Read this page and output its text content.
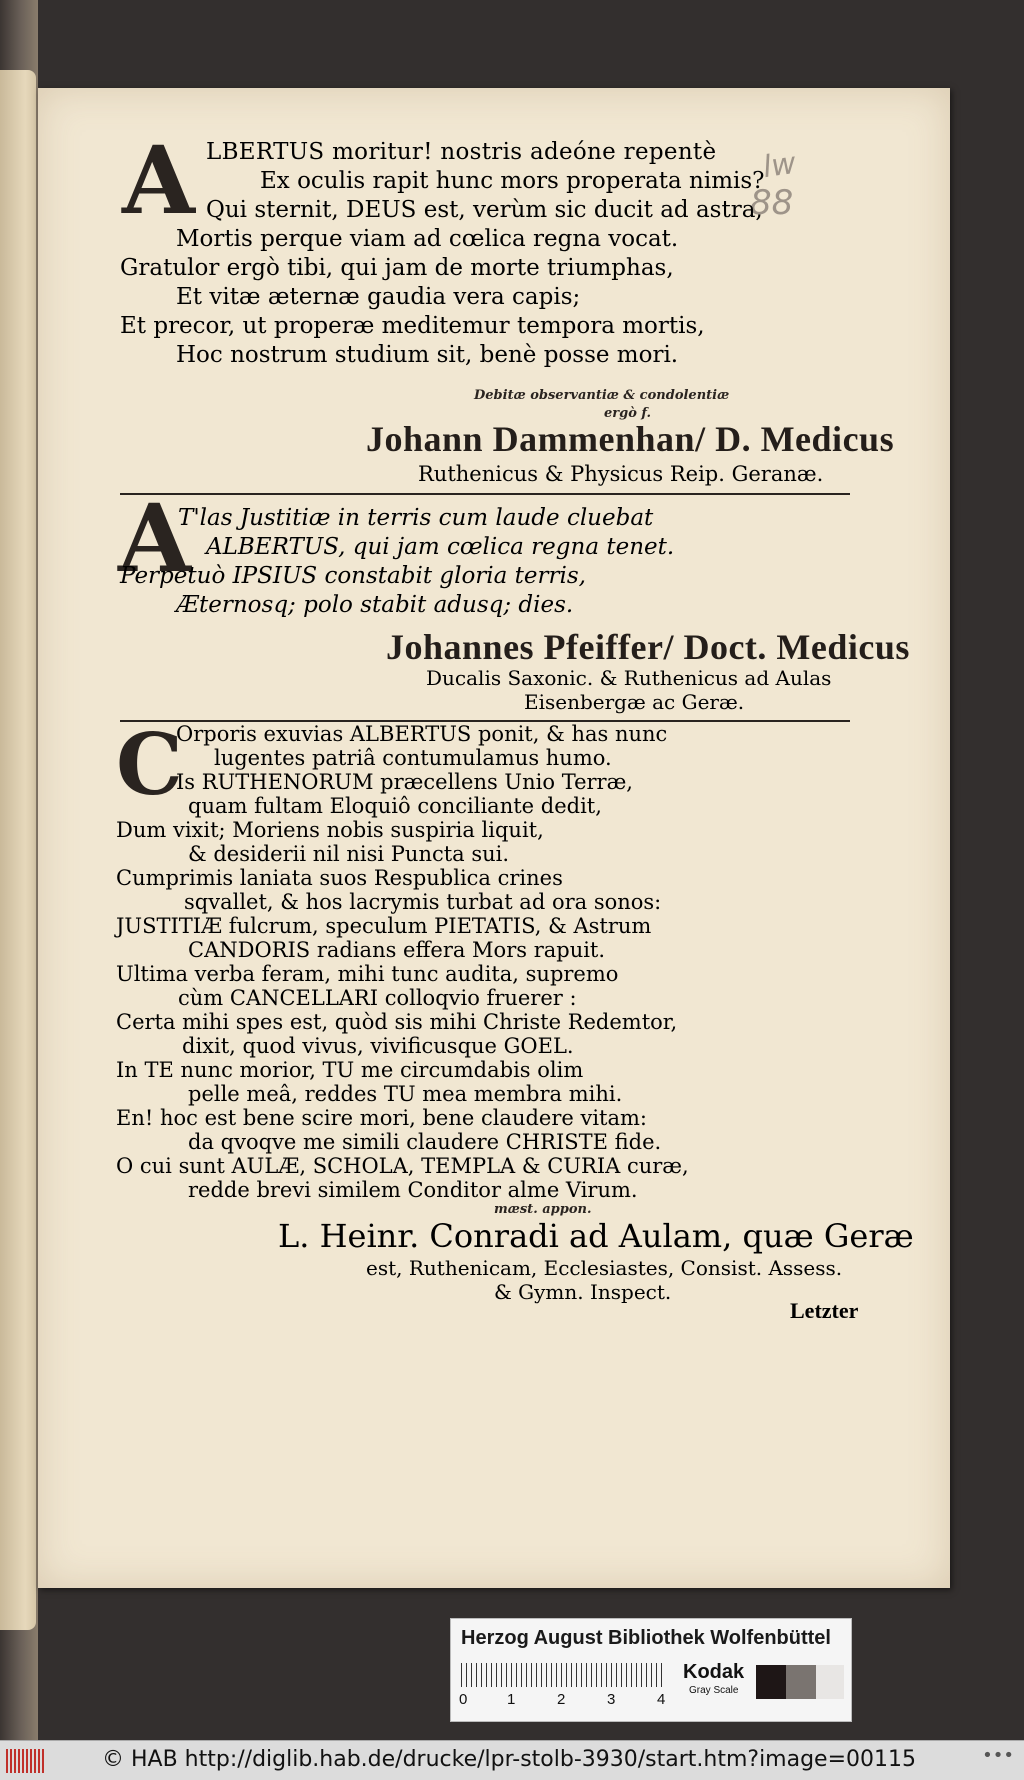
lw
88
A LBERTUS moritur! nostris adeóne repentè
Ex oculis rapit hunc mors properata nimis?
Qui sternit, DEUS est, verùm sic ducit ad astra,
Mortis perque viam ad cœlica regna vocat.
Gratulor ergò tibi, qui jam de morte triumphas,
Et vitæ æternæ gaudia vera capis;
Et precor, ut properæ meditemur tempora mortis,
Hoc nostrum studium sit, benè posse mori.
Debitæ observantiæ & condolentiæ
ergò f.
Johann Dammenhan/ D. Medicus
Ruthenicus & Physicus Reip. Geranæ.
A
T'las Justitiæ in terris cum laude cluebat
ALBERTUS, qui jam cœlica regna tenet.
Perpetuò IPSIUS constabit gloria terris,
Æternosq; polo stabit adusq; dies.
Johannes Pfeiffer/ Doct. Medicus
Ducalis Saxonic. & Ruthenicus ad Aulas
Eisenbergæ ac Geræ.
C
Orporis exuvias ALBERTUS ponit, & has nunc
lugentes patriâ contumulamus humo.
Is RUTHENORUM præcellens Unio Terræ,
quam fultam Eloquiô conciliante dedit,
Dum vixit; Moriens nobis suspiria liquit,
& desiderii nil nisi Puncta sui.
Cumprimis laniata suos Respublica crines
sqvallet, & hos lacrymis turbat ad ora sonos:
JUSTITIÆ fulcrum, speculum PIETATIS, & Astrum
CANDORIS radians effera Mors rapuit.
Ultima verba feram, mihi tunc audita, supremo
cùm CANCELLARI colloqvio fruerer :
Certa mihi spes est, quòd sis mihi Christe Redemtor,
dixit, quod vivus, vivificusque GOEL.
In TE nunc morior, TU me circumdabis olim
pelle meâ, reddes TU mea membra mihi.
En! hoc est bene scire mori, bene claudere vitam:
da qvoqve me simili claudere CHRISTE fide.
O cui sunt AULÆ, SCHOLA, TEMPLA & CURIA curæ,
redde brevi similem Conditor alme Virum.
mæst. appon.
L. Heinr. Conradi ad Aulam, quæ Geræ
est, Ruthenicam, Ecclesiastes, Consist. Assess.
& Gymn. Inspect.
Letzter
Herzog August Bibliothek Wolfenbüttel
0	1	2	3	4
Kodak
Gray Scale
© HAB http://diglib.hab.de/drucke/lpr-stolb-3930/start.htm?image=00115	•••
